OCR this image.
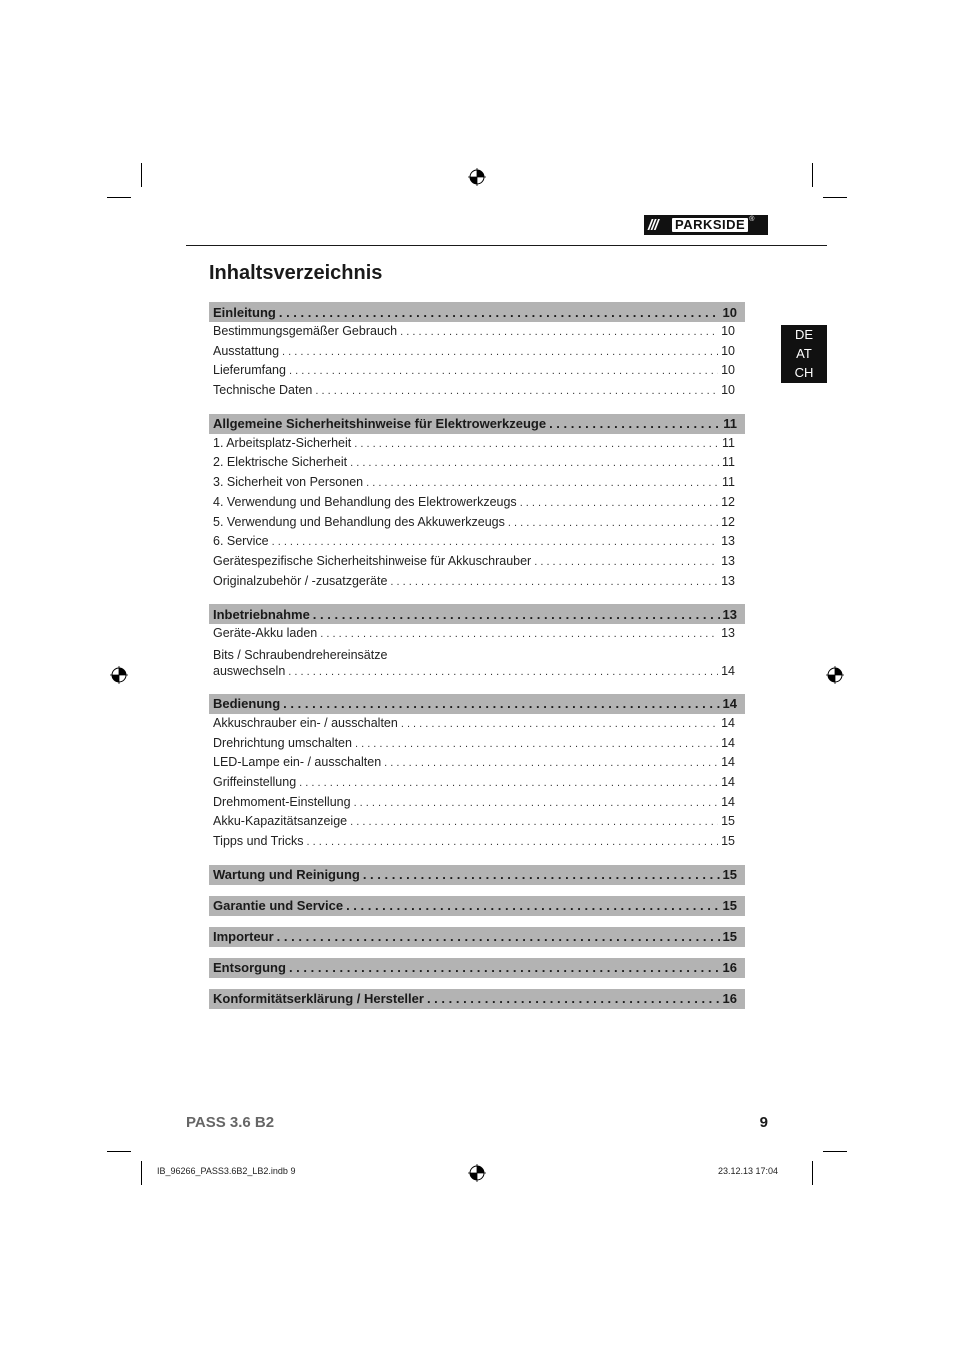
///	PARKSIDE ®
Inhaltsverzeichnis
DE
AT
CH
Einleitung . . .	10
Bestimmungsgemäßer Gebrauch . . .	10
Ausstattung . . .	10
Lieferumfang . . .	10
Technische Daten . . .	10
Allgemeine Sicherheitshinweise für Elektrowerkzeuge . . .	11
1. Arbeitsplatz-Sicherheit . . .	11
2. Elektrische Sicherheit . . .	11
3. Sicherheit von Personen . . .	11
4. Verwendung und Behandlung des Elektrowerkzeugs . . .	12
5. Verwendung und Behandlung des Akkuwerkzeugs . . .	12
6. Service . . .	13
Gerätespezifische Sicherheitshinweise für Akkuschrauber . . .	13
Originalzubehör / -zusatzgeräte . . .	13
Inbetriebnahme . . .	13
Geräte-Akku laden . . .	13
Bits / Schraubendrehereinsätze
auswechseln . . .	14
Bedienung . . .	14
Akkuschrauber ein- / ausschalten . . .	14
Drehrichtung umschalten . . .	14
LED-Lampe ein- / ausschalten . . .	14
Griffeinstellung . . .	14
Drehmoment-Einstellung . . .	14
Akku-Kapazitätsanzeige . . .	15
Tipps und Tricks . . .	15
Wartung und Reinigung . . .	15
Garantie und Service . . .	15
Importeur . . .	15
Entsorgung . . .	16
Konformitätserklärung / Hersteller . . .	16
PASS 3.6 B2	9
IB_96266_PASS3.6B2_LB2.indb 9	23.12.13 17:04
